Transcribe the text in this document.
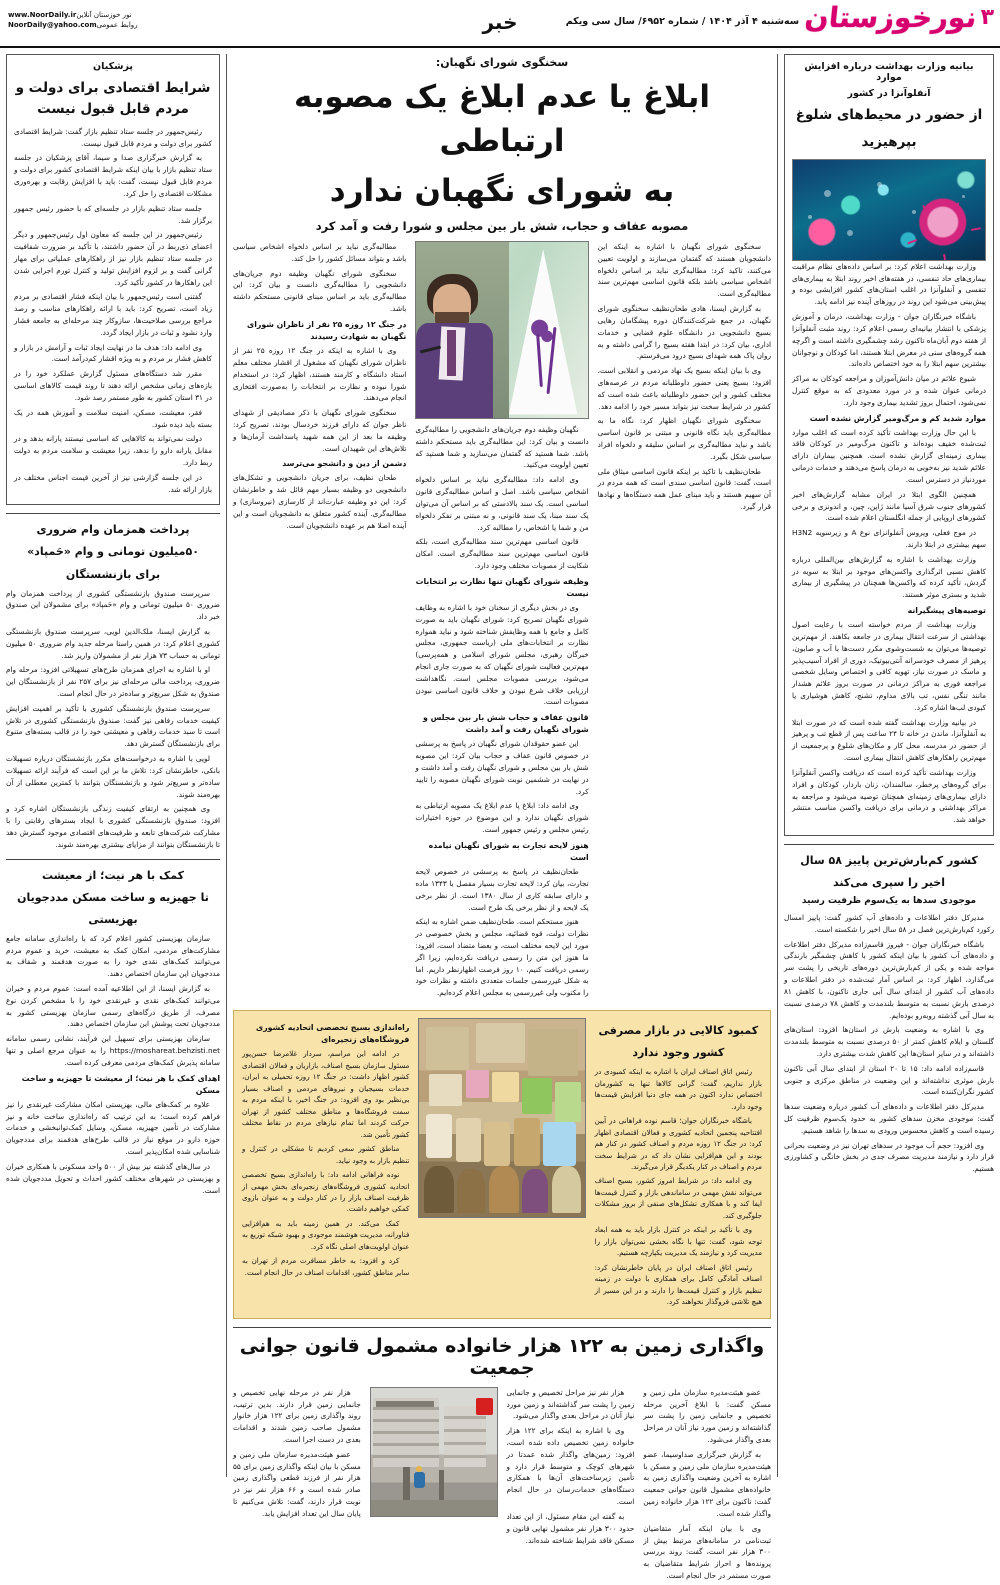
۳
نورخوزستان
سه‌شنبه ۴ آذر ۱۴۰۴ / شماره ۶۹۵۲/ سال سی ویکم
خبر
www.NoorDaily.irنور خوزستان آنلاین
NoorDaily@yahoo.comروابط عمومی
بیانیه وزارت بهداشت درباره افزایش موارد
آنفلوآنزا در کشور
از حضور در محیط‌های شلوغ
بپرهیزید
وزارت بهداشت اعلام کرد: بر اساس داده‌های نظام مراقبت بیماری‌های حاد تنفسی، در هفته‌های اخیر روند ابتلا به بیماری‌های تنفسی و آنفلوآنزا در اغلب استان‌های کشور افزایشی بوده و پیش‌بینی می‌شود این روند در روزهای آینده نیز ادامه یابد.
باشگاه خبرنگاران جوان - وزارت بهداشت، درمان و آموزش پزشکی با انتشار بیانیه‌ای رسمی اعلام کرد: روند مثبت آنفلوآنزا از هفته دوم آبان‌ماه تاکنون رشد چشمگیری داشته است و اگرچه همه گروه‌های سنی در معرض ابتلا هستند، اما کودکان و نوجوانان بیشترین سهم ابتلا را به خود اختصاص داده‌اند.
شیوع علائم در میان دانش‌آموزان و مراجعه کودکان به مراکز درمانی عنوان شده و در مورد معدودی که به موقع کنترل نمی‌شود، احتمال بروز تشدید بیماری وجود دارد.
موارد شدید کم و مرگ‌ومیر گزارش نشده است
با این حال وزارت بهداشت تأکید کرده است که اغلب موارد ثبت‌شده خفیف بوده‌اند و تاکنون مرگ‌ومیر در کودکان فاقد بیماری زمینه‌ای گزارش نشده است. همچنین بیماران دارای علائم شدید نیز به‌خوبی به درمان پاسخ می‌دهند و خدمات درمانی موردنیاز در دسترس است.
همچنین الگوی ابتلا در ایران مشابه گزارش‌های اخیر کشورهای جنوب شرق آسیا مانند ژاپن، چین، و اندونزی و برخی کشورهای اروپایی از جمله انگلستان اعلام شده است.
در موج فعلی، ویروس آنفلوانزای نوع A و زیرسویه H3N2 سهم بیشتری در ابتلا دارند.
وزارت بهداشت با اشاره به گزارش‌های بین‌المللی درباره کاهش نسبی اثرگذاری واکسن‌های موجود بر ابتلا به سویه در گردش، تأکید کرده که واکسن‌ها همچنان در پیشگیری از بیماری شدید و بستری موثر هستند.
توصیه‌های پیشگیرانه
وزارت بهداشت از مردم خواسته است با رعایت اصول بهداشتی از سرعت انتقال بیماری در جامعه بکاهند. از مهم‌ترین توصیه‌ها می‌توان به شست‌وشوی مکرر دست‌ها با آب و صابون، پرهیز از مصرف خودسرانه آنتی‌بیوتیک، دوری از افراد آسیب‌پذیر و ماسک در صورت نیاز، تهویه کافی و اختصاص وسایل شخصی مراجعه فوری به مراکز درمانی در صورت بروز علائم هشدار مانند تنگی نفس، تب بالای مداوم، تشنج، کاهش هوشیاری یا کبودی لب‌ها اشاره کرد.
در بیانیه وزارت بهداشت گفته شده است که در صورت ابتلا به آنفلوآنزا، ماندن در خانه تا ۲۴ ساعت پس از قطع تب و پرهیز از حضور در مدرسه، محل کار و مکان‌های شلوغ و پرجمعیت از مهم‌ترین راهکارهای کاهش انتقال بیماری است.
وزارت بهداشت تأکید کرده است که دریافت واکسن آنفلوآنزا برای گروه‌های پرخطر، سالمندان، زنان باردار، کودکان و افراد دارای بیماری‌های زمینه‌ای همچنان توصیه می‌شود و مراجعه به مراکز بهداشتی و درمانی برای دریافت واکسن مناسب منتشر خواهد شد.
کشور کم‌بارش‌ترین پاییز ۵۸ سال
اخیر را سپری می‌کند
موجودی سدها به یک‌سوم ظرفیت رسید
مدیرکل دفتر اطلاعات و داده‌های آب کشور گفت: پاییز امسال رکورد کم‌بارش‌ترین فصل در ۵۸ سال اخیر را شکسته است.
باشگاه خبرنگاران جوان - فیروز قاسم‌زاده مدیرکل دفتر اطلاعات و داده‌های آب کشور با بیان اینکه کشور با کاهش چشمگیر بارندگی مواجه شده و یکی از کم‌بارش‌ترین دوره‌های تاریخی را پشت سر می‌گذارد، اظهار کرد: بر اساس آمار ثبت‌شده در دفتر اطلاعات و داده‌های آب کشور از ابتدای سال آبی جاری تاکنون، با کاهش ۸۱ درصدی بارش نسبت به متوسط بلندمدت و کاهش ۷۸ درصدی نسبت به سال آبی گذشته روبه‌رو بوده‌ایم.
وی با اشاره به وضعیت بارش در استان‌ها افزود: استان‌های گلستان و ایلام کاهش کمتر از ۵۰ درصدی نسبت به متوسط بلندمدت داشته‌اند و در سایر استان‌ها این کاهش شدت بیشتری دارد.
قاسم‌زاده ادامه داد: ۱۵ تا ۲۰ استان از ابتدای سال آبی تاکنون بارش موثری نداشته‌اند و این وضعیت در مناطق مرکزی و جنوبی کشور نگران‌کننده است.
مدیرکل دفتر اطلاعات و داده‌های آب کشور درباره وضعیت سدها گفت: موجودی مخزن سدهای کشور به حدود یک‌سوم ظرفیت کل رسیده است و کاهش محسوس ورودی به سدها را شاهد هستیم.
وی افزود: حجم آب موجود در سدهای تهران نیز در وضعیت بحرانی قرار دارد و نیازمند مدیریت مصرف جدی در بخش خانگی و کشاورزی هستیم.
سخنگوی شورای نگهبان:
ابلاغ یا عدم ابلاغ یک مصوبه ارتباطی
به شورای نگهبان ندارد
مصوبه عفاف و حجاب، شش بار بین مجلس و شورا رفت و آمد کرد
سخنگوی شورای نگهبان با اشاره به اینکه این دانشجویان هستند که گفتمان می‌سازند و اولویت تعیین می‌کنند، تاکید کرد: مطالبه‌گری نباید بر اساس دلخواه اشخاص سیاسی باشد بلکه قانون اساسی مهم‌ترین سند مطالبه‌گری است.
به گزارش ایسنا، هادی طحان‌نظیف سخنگوی شورای نگهبان، در جمع شرکت‌کنندگان دوره پیشگامان رهایی بسیج دانشجویی در دانشگاه علوم قضایی و خدمات اداری، بیان کرد: در ابتدا هفته بسیج را گرامی داشته و به روان پاک همه شهدای بسیج درود می‌فرستم.
وی با بیان اینکه بسیج یک نهاد مردمی و انقلابی است، افزود: بسیج یعنی حضور داوطلبانه مردم در عرصه‌های مختلف کشور و این حضور داوطلبانه باعث شده است که کشور در شرایط سخت نیز بتواند مسیر خود را ادامه دهد.
سخنگوی شورای نگهبان اظهار کرد: نگاه ما به مطالبه‌گری باید نگاه قانونی و مبتنی بر قانون اساسی باشد و نباید مطالبه‌گری بر اساس سلیقه و دلخواه افراد سیاسی شکل بگیرد.
طحان‌نظیف با تاکید بر اینکه قانون اساسی میثاق ملی است، گفت: قانون اساسی سندی است که همه مردم در آن سهیم هستند و باید مبنای عمل همه دستگاه‌ها و نهادها قرار گیرد.
نگهبان وظیفه دوم جریان‌های دانشجویی را مطالبه‌گری دانست و بیان کرد: این مطالبه‌گری باید مستحکم داشته باشد. شما هستید که گفتمان می‌سازید و شما هستید که تعیین اولویت می‌کنید.
وی ادامه داد: مطالبه‌گری نباید بر اساس دلخواه اشخاص سیاسی باشد. اصل و اساس مطالبه‌گری قانون اساسی است. یک سند بالادستی که بر اساس آن می‌توان یک سند مبنا، یک سند قانونی، و نه مبتنی بر تفکر دلخواه من و شما یا اشخاص، را مطالبه کرد.
قانون اساسی مهم‌ترین سند مطالبه‌گری است، بلکه قانون اساسی مهم‌ترین سند مطالبه‌گری است. امکان شکایت از مصوبات مختلف وجود دارد.
وظیفه شورای نگهبان تنها نظارت بر انتخابات نیست
وی در بخش دیگری از سخنان خود با اشاره به وظایف شورای نگهبان تصریح کرد: شورای نگهبان باید به صورت کامل و جامع با همه وظایفش شناخته شود و نباید همواره نظارت بر انتخابات‌های ملی (ریاست جمهوری، مجلس خبرگان رهبری، مجلس شورای اسلامی و همه‌پرسی) مهم‌ترین فعالیت شورای نگهبان که به صورت جاری انجام می‌شود، بررسی مصوبات مجلس است. نگاهداشت ارزیابی خلاف شرع نبودن و خلاف قانون اساسی نبودن مصوبات است.
قانون عفاف و حجاب شش بار بین مجلس و شورای نگهبان رفت و آمد داشت
این عضو حقوقدان شورای نگهبان در پاسخ به پرسشی در خصوص قانون عفاف و حجاب بیان کرد: این مصوبه شش بار بین مجلس و شورای نگهبان رفت و آمد داشت و در نهایت در ششمین نوبت شورای نگهبان مصوبه را تایید کرد.
وی ادامه داد: ابلاغ یا عدم ابلاغ یک مصوبه ارتباطی به شورای نگهبان ندارد و این موضوع در حوزه اختیارات رئیس مجلس و رئیس جمهور است.
هنوز لایحه تجارت به شورای نگهبان نیامده است
طحان‌نظیف در پاسخ به پرسشی در خصوص لایحه تجارت، بیان کرد: لایحه تجارت بسیار مفصل با ۱۳۴۳ ماده و دارای سابقه کاری از سال ۱۳۸۰ است. از نظر برخی یک لایحه و از نظر برخی یک طرح است.
هنوز مستحکم است. طحان‌نظیف ضمن اشاره به اینکه نظرات دولت، قوه قضائیه، مجلس و بخش خصوصی در مورد این لایحه مختلف است، و بعضا متضاد است، افزود: ما هنوز این متن را رسمی دریافت نکرده‌ایم، زیرا اگر رسمی دریافت کنیم، ۱۰ روز فرصت اظهارنظر داریم. اما به شکل غیررسمی جلسات متعددی داشته و نظرات خود را مکتوب ولی غیررسمی به مجلس اعلام کرده‌ایم.
مطالبه‌گری نباید بر اساس دلخواه اشخاص سیاسی باشد و بتواند مسائل کشور را حل کند.
سخنگوی شورای نگهبان وظیفه دوم جریان‌های دانشجویی را مطالبه‌گری دانست و بیان کرد: این مطالبه‌گری باید بر اساس مبنای قانونی مستحکم داشته باشد.
در جنگ ۱۲ روزه ۲۵ نفر از ناظران شورای نگهبان به شهادت رسیدند
وی با اشاره به اینکه در جنگ ۱۲ روزه ۲۵ نفر از ناظران شورای نگهبان که مشغول از اقشار مختلف معلم استاد دانشگاه و کارمند هستند، اظهار کرد: در استخدام شورا نبوده و نظارت بر انتخابات را به‌صورت افتخاری انجام می‌دهند.
سخنگوی شورای نگهبان با ذکر مصادیقی از شهدای ناظر جوان که دارای فرزند خردسال بودند، تصریح کرد: وظیفه ما بعد از این همه شهید پاسداشت آرمان‌ها و تلاش‌های این شهیدان است.
دشمن از دین و دانشجو می‌ترسد
طحان نظیف، برای جریان دانشجویی و تشکل‌های دانشجویی دو وظیفه بسیار مهم قائل شد و خاطرنشان کرد: این دو وظیفه عبارت‌اند از کارسازی (نیروسازی) و مطالبه‌گری. آینده کشور متعلق به دانشجویان است و این آینده اصلا هم بر عهده دانشجویان است.
کمبود کالایی در بازار مصرفی
کشور وجود ندارد
رئیس اتاق اصناف ایران با اشاره به اینکه کمبودی در بازار نداریم، گفت: گرانی کالاها تنها به کشورمان اختصاص ندارد اکنون در همه جای دنیا افزایش قیمت‌ها وجود دارد.
باشگاه خبرنگاران جوان؛ قاسم نوده فراهانی در آیین افتتاحیه پنجمین اتحادیه کشوری و فعالان اقتصادی اظهار کرد: در جنگ ۱۲ روزه مردم و اصناف کشور در کنار هم بودند و این هم‌افزایی نشان داد که در شرایط سخت مردم و اصناف در کنار یکدیگر قرار می‌گیرند.
وی ادامه داد: در شرایط امروز کشور، بسیج اصناف می‌تواند نقش مهمی در ساماندهی بازار و کنترل قیمت‌ها ایفا کند و با همکاری تشکل‌های صنفی از بروز مشکلات جلوگیری کند.
وی با تأکید بر اینکه در کنترل بازار باید به همه ابعاد توجه شود، گفت: تنها با نگاه بخشی نمی‌توان بازار را مدیریت کرد و نیازمند یک مدیریت یکپارچه هستیم.
رئیس اتاق اصناف ایران در پایان خاطرنشان کرد: اصناف آمادگی کامل برای همکاری با دولت در زمینه تنظیم بازار و کنترل قیمت‌ها را دارند و در این مسیر از هیچ تلاشی فروگذار نخواهند کرد.
راه‌اندازی بسیج تخصصی اتحادیه کشوری فروشگاه‌های زنجیره‌ای
در ادامه این مراسم، سردار غلامرضا حسن‌پور مسئول سازمان بسیج اصناف، بازاریان و فعالان اقتصادی کشور اظهار داشت: در جنگ ۱۲ روزه تحمیلی به ایران، خدمات بسیجیان و نیروهای مردمی و اصناف بسیار بی‌نظیر بود وی افزود: در جنگ اخیر، با اینکه مردم به سمت فروشگاه‌ها و مناطق مختلف کشور از تهران حرکت کردند اما تمام نیازهای مردم در نقاط مختلف کشور تأمین شد.
مناطق کشور سعی کردیم تا مشکلی در کنترل و تنظیم بازار به وجود نیاید.
نوده فراهانی ادامه داد: با راه‌اندازی بسیج تخصصی اتحادیه کشوری فروشگاه‌های زنجیره‌ای بخش مهمی از ظرفیت اصناف بازار را در کنار دولت و به عنوان بازوی کمکی خواهیم داشت.
کمک می‌کند. در همین زمینه باید به هم‌افزایی فناورانه، مدیریت هوشمند موجودی و بهبود شبکه توزیع به عنوان اولویت‌های اصلی نگاه کرد.
کرد و افزود: به خاطر مسافرت مردم از تهران به سایر مناطق کشور، اقدامات اصناف در حال انجام است.
واگذاری زمین به ۱۲۲ هزار خانواده مشمول قانون جوانی جمعیت
عضو هیئت‌مدیره سازمان ملی زمین و مسکن گفت: با ابلاغ آخرین مرحله تخصیص و جانمایی زمین را پشت سر گذاشته‌اند و زمین مورد نیاز آنان در مراحل بعدی واگذار می‌شود.
به گزارش خبرگزاری صداوسیما، عضو هیئت‌مدیره سازمان ملی زمین و مسکن با اشاره به آخرین وضعیت واگذاری زمین به خانواده‌های مشمول قانون جوانی جمعیت گفت: تاکنون برای ۱۲۲ هزار خانواده زمین واگذار شده است.
وی با بیان اینکه آمار متقاضیان ثبت‌نامی در سامانه‌های مرتبط بیش از ۳۰۰ هزار نفر است، گفت: روند بررسی پرونده‌ها و احراز شرایط متقاضیان به صورت مستمر در حال انجام است.
هزار نفر نیز مراحل تخصیص و جانمایی زمین را پشت سر گذاشته‌اند و زمین مورد نیاز آنان در مراحل بعدی واگذار می‌شود.
وی با اشاره به اینکه برای ۱۲۲ هزار خانواده زمین تخصیص داده شده است، افزود: زمین‌های واگذار شده عمدتا در شهرهای کوچک و متوسط قرار دارد و تأمین زیرساخت‌های آن‌ها با همکاری دستگاه‌های خدمات‌رسان در حال انجام است.
به گفته این مقام مسئول، از این تعداد حدود ۳۰۰ هزار نفر مشمول نهایی قانون و مسکن فاقد شرایط شناخته شده‌اند.
هزار نفر در مرحله نهایی تخصیص و جانمایی زمین قرار دارند. بدین ترتیب، روند واگذاری زمین برای ۱۲۲ هزار خانوار مشمول صاحب زمین شدند و اقدامات بعدی در دست اجرا است.
عضو هیئت‌مدیره سازمان ملی زمین و مسکن با بیان اینکه واگذاری زمین برای ۵۵ هزار نفر از فرزند قطعی واگذاری زمین صادر شده است و ۶۶ هزار نفر نیز در نوبت قرار دارند، گفت: تلاش می‌کنیم تا پایان سال این تعداد افزایش یابد.
پزشکیان
شرایط اقتصادی برای دولت و مردم قابل قبول نیست
رئیس‌جمهور در جلسه ستاد تنظیم بازار گفت: شرایط اقتصادی کشور برای دولت و مردم قابل قبول نیست.
به گزارش خبرگزاری صدا و سیما، آقای پزشکیان در جلسه ستاد تنظیم بازار با بیان اینکه شرایط اقتصادی کشور برای دولت و مردم قابل قبول نیست، گفت: باید با افزایش رقابت و بهره‌وری مشکلات اقتصادی را حل کرد.
جلسه ستاد تنظیم بازار در جلسه‌ای که با حضور رئیس جمهور برگزار شد.
رئیس‌جمهور در این جلسه که معاون اول رئیس‌جمهور و دیگر اعضای ذی‌ربط در آن حضور داشتند، با تأکید بر ضرورت شفافیت در جلسه ستاد تنظیم بازار نیز از راهکارهای عملیاتی برای مهار گرانی گفت و بر لزوم افزایش تولید و کنترل تورم اجرایی شدن این راهکارها در کشور تأکید کرد.
گفتنی است رئیس‌جمهور با بیان اینکه فشار اقتصادی بر مردم زیاد است، تصریح کرد: باید با ارائه راهکارهای مناسب و رصد مراجع بررسی صلاحیت‌ها، سازوکار چند مرحله‌ای به جامعه فشار وارد نشود و ثبات در بازار ایجاد گردد.
وی ادامه داد: هدف ما در نهایت ایجاد ثبات و آرامش در بازار و کاهش فشار بر مردم و به ویژه اقشار کم‌درآمد است.
مقرر شد دستگاه‌های مسئول گزارش عملکرد خود را در بازه‌های زمانی مشخص ارائه دهند تا روند قیمت کالاهای اساسی در ۳۱ استان کشور به طور مستمر رصد شود.
فقر، معیشت، مسکن، امنیت سلامت و آموزش همه در یک بسته باید دیده شود.
دولت نمی‌تواند به کالاهایی که اساسی نیستند یارانه بدهد و در مقابل یارانه دارو را ندهد، زیرا معیشت و سلامت مردم به دولت ربط دارد.
در این جلسه گزارشی نیز از آخرین قیمت اجناس مختلف در بازار ارائه شد.
پرداخت همزمان وام ضروری
۵۰میلیون تومانی و وام «حَمپاد»
برای بازنشستگان
سرپرست صندوق بازنشستگی کشوری از پرداخت همزمان وام ضروری ۵۰ میلیون تومانی و وام «حَمپاد» برای مشمولان این صندوق خبر داد.
به گزارش ایسنا، ملک‌الدین لویی، سرپرست صندوق بازنشستگی کشوری اعلام کرد: در همین راستا مرحله جدید وام ضروری ۵۰ میلیون تومانی به حساب ۷۳ هزار نفر از مشمولان واریز شد.
او با اشاره به اجرای همزمان طرح‌های تسهیلاتی افزود: مرحله وام ضروری، پرداخت مالی مرحله‌ای نیز برای ۲۵۷ نفر از بازنشستگان این صندوق به شکل سریع‌تر و ساده‌تر در حال انجام است.
سرپرست صندوق بازنشستگی کشوری با تأکید بر اهمیت افزایش کیفیت خدمات رفاهی نیز گفت: صندوق بازنشستگی کشوری در تلاش است تا سبد خدمات رفاهی و معیشتی خود را در قالب بسته‌های متنوع برای بازنشستگان گسترش دهد.
لویی با اشاره به درخواست‌های مکرر بازنشستگان درباره تسهیلات بانکی، خاطرنشان کرد: تلاش ما بر این است که فرآیند ارائه تسهیلات ساده‌تر و سریع‌تر شود و بازنشستگان بتوانند با کمترین معطلی از آن بهره‌مند شوند.
وی همچنین به ارتقای کیفیت زندگی بازنشستگان اشاره کرد و افزود: صندوق بازنشستگی کشوری با ایجاد بسترهای رقابتی را با مشارکت شرکت‌های تابعه و ظرفیت‌های اقتصادی موجود گسترش دهد تا بازنشستگان بتوانند از مزایای بیشتری بهره‌مند شوند.
کمک با هر نیت؛ از معیشت
تا جهیزیه و ساخت مسکن مددجویان
بهزیستی
سازمان بهزیستی کشور اعلام کرد که با راه‌اندازی سامانه جامع مشارکت‌های مردمی، امکان کمک به معیشت، خرید و عموم مردم می‌توانند کمک‌های نقدی خود را به صورت هدفمند و شفاف به مددجویان این سازمان اختصاص دهند.
به گزارش ایسنا، از این اطلاعیه آمده است: عموم مردم و خیران می‌توانند کمک‌های نقدی و غیرنقدی خود را با مشخص کردن نوع مصرف، از طریق درگاه‌های رسمی سازمان بهزیستی کشور به مددجویان تحت پوشش این سازمان اختصاص دهند.
سازمان بهزیستی برای تسهیل این فرآیند، نشانی رسمی سامانه https://moshareat.behzisti.net را به عنوان مرجع اصلی و تنها سامانه پذیرش کمک‌های مردمی معرفی کرده است.
اهدای کمک با هر نیت؛ از معیشت تا جهیزیه و ساخت مسکن
علاوه بر کمک‌های مالی، بهزیستی امکان مشارکت غیرنقدی را نیز فراهم کرده است؛ به این ترتیب که راه‌اندازی ساخت خانه و نیز مشارکت در تأمین جهیزیه، مسکن، وسایل کمک‌توانبخشی و خدمات حوزه دارو در موقع نیاز در قالب طرح‌های هدفمند برای مددجویان شناسایی شده امکان‌پذیر است.
در سال‌های گذشته نیز بیش از ۵۰۰ واحد مسکونی با همکاری خیران و بهزیستی در شهرهای مختلف کشور احداث و تحویل مددجویان شده است.
